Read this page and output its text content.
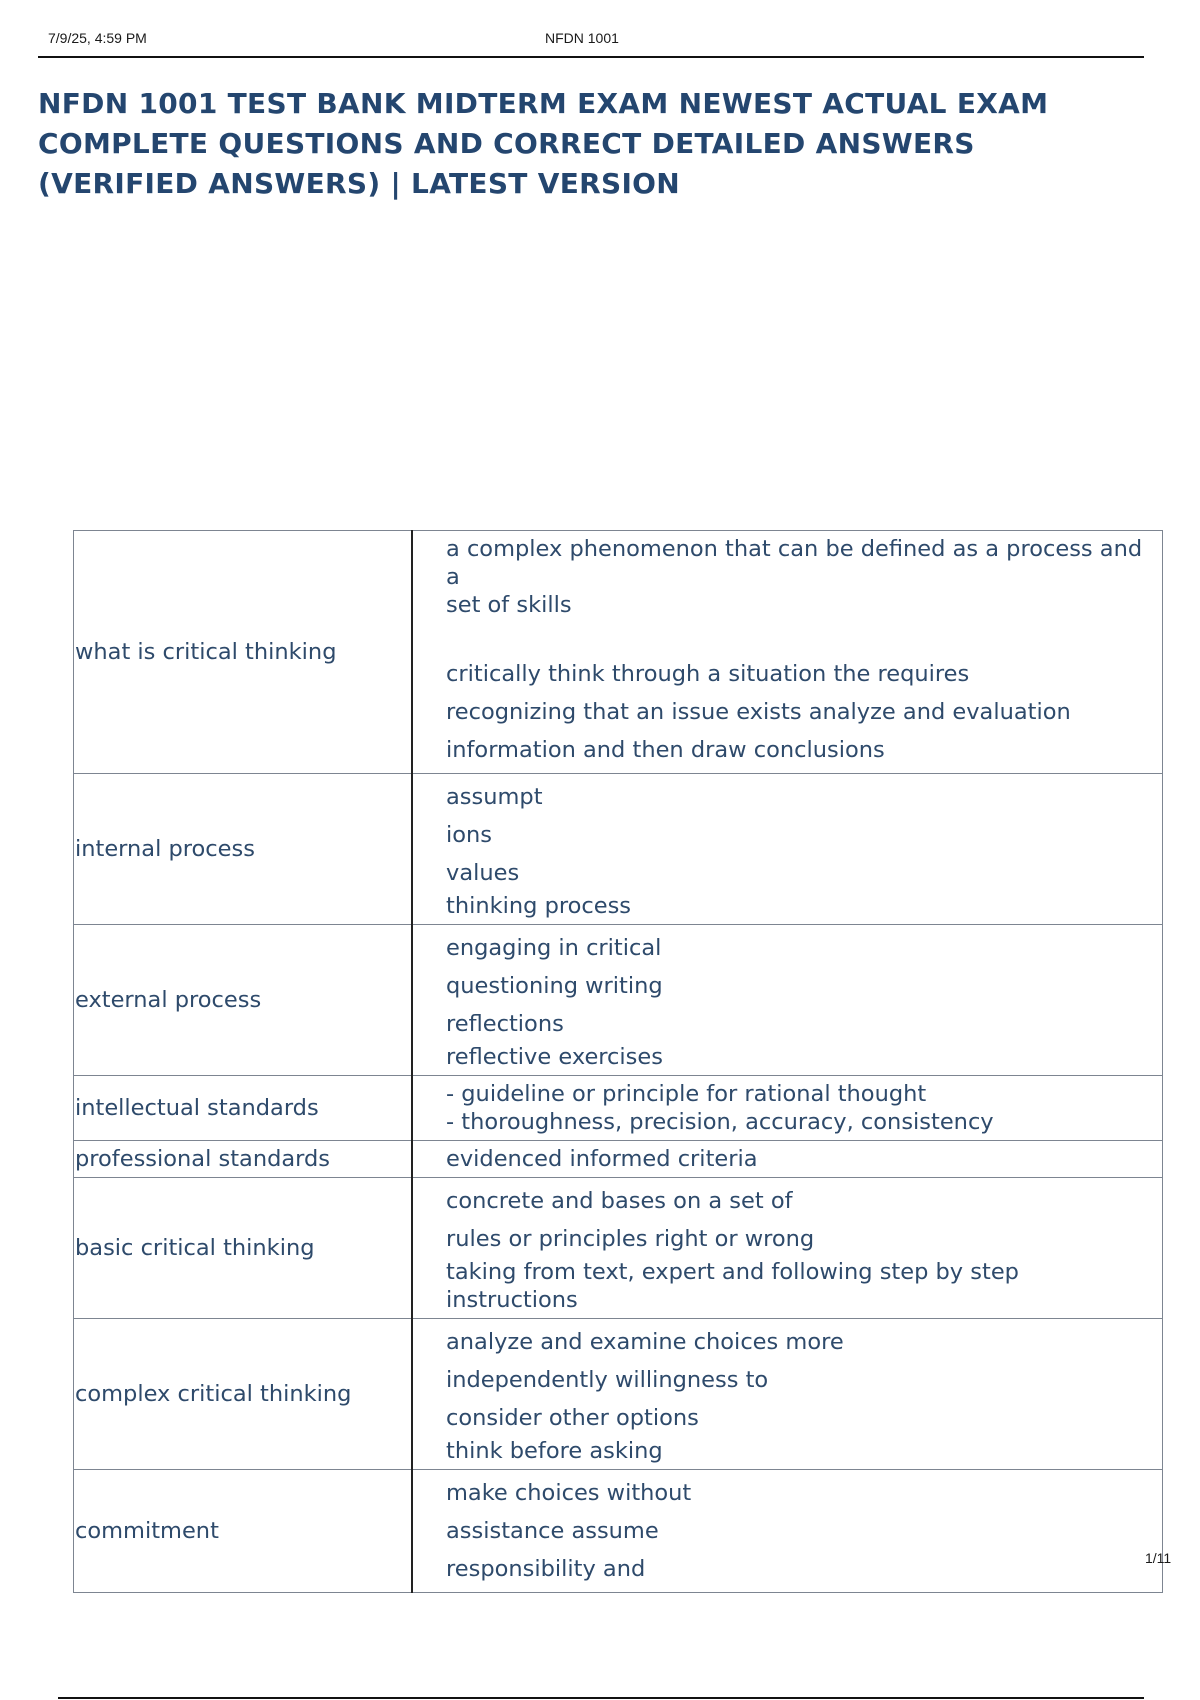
7/9/25, 4:59 PM	NFDN 1001
NFDN 1001 TEST BANK MIDTERM EXAM NEWEST ACTUAL EXAM COMPLETE QUESTIONS AND CORRECT DETAILED ANSWERS (VERIFIED ANSWERS) | LATEST VERSION
what is critical thinking	a complex phenomenon that can be defined as a process and a
set of skills
critically think through a situation the requires
recognizing that an issue exists analyze and evaluation
information and then draw conclusions

internal process	assumpt
ions
values
thinking process

external process	engaging in critical
questioning writing
reflections
reflective exercises

intellectual standards	- guideline or principle for rational thought
- thoroughness, precision, accuracy, consistency

professional standards	evidenced informed criteria

basic critical thinking	concrete and bases on a set of
rules or principles right or wrong
taking from text, expert and following step by step instructions

complex critical thinking	analyze and examine choices more
independently willingness to
consider other options
think before asking

commitment	make choices without
assistance assume
responsibility and	1/11
